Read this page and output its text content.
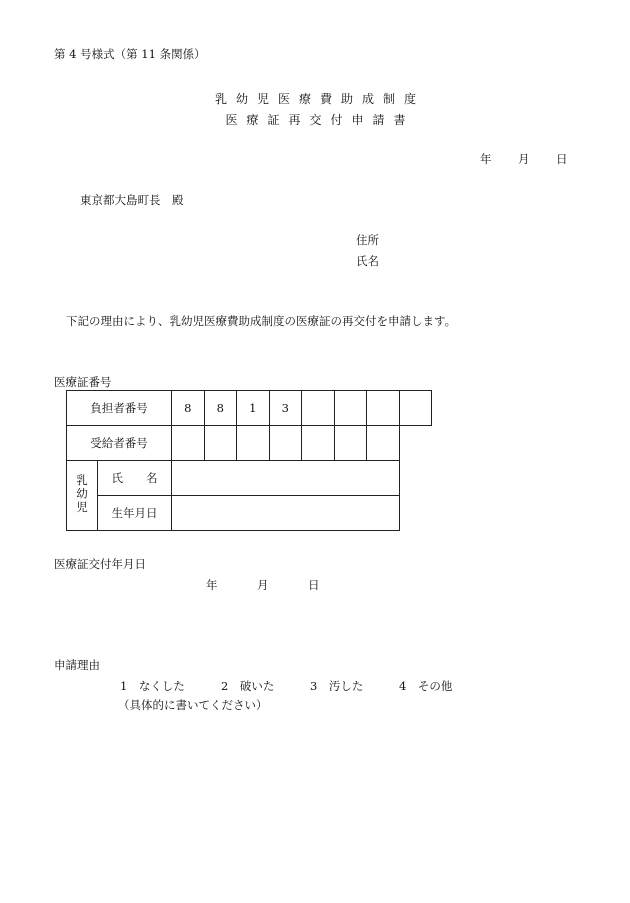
第 4 号様式（第 11 条関係）
乳幼児医療費助成制度
医療証再交付申請書
年 月 日
東京都大島町長　殿
住所
氏名
下記の理由により、乳幼児医療費助成制度の医療証の再交付を申請します。
医療証番号
負担者番号		8	8	1	3				
受給者番号									
乳幼児	氏　　名								
	生年月日								
医療証交付年月日
年	月	日
申請理由
1　なくした	2　破いた	3　汚した	4　その他
（具体的に書いてください）
